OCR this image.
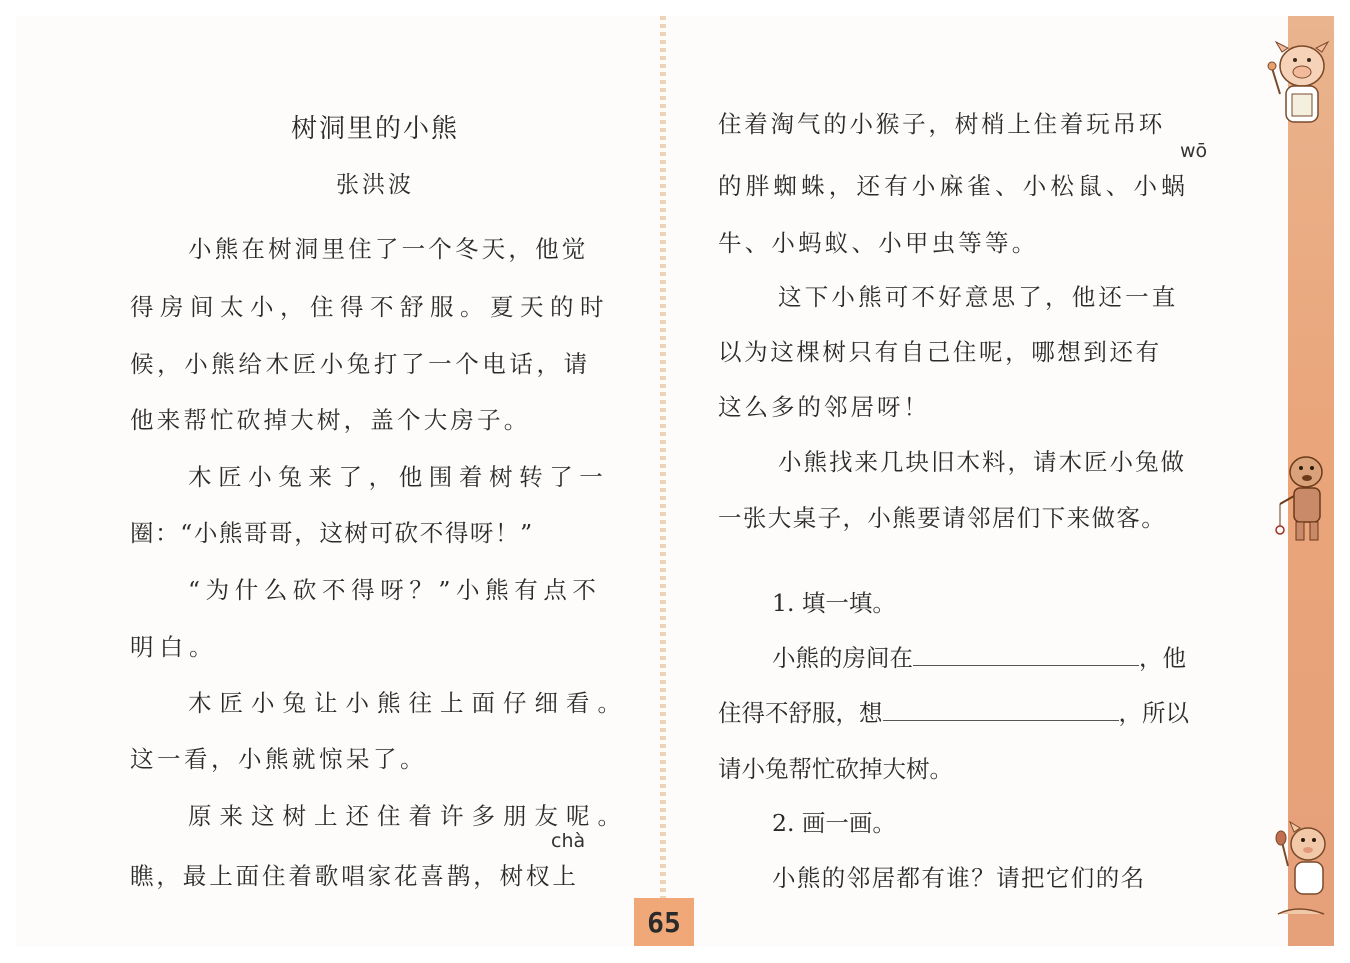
树洞里的小熊
张洪波
小熊在树洞里住了一个冬天，他觉
得房间太小，住得不舒服。夏天的时
候，小熊给木匠小兔打了一个电话，请
他来帮忙砍掉大树，盖个大房子。
木匠小兔来了，他围着树转了一
圈：“小熊哥哥，这树可砍不得呀！”
“为什么砍不得呀？”小熊有点不
明白。
木匠小兔让小熊往上面仔细看。
这一看，小熊就惊呆了。
原来这树上还住着许多朋友呢。
chà
瞧，最上面住着歌唱家花喜鹊，树杈上
住着淘气的小猴子，树梢上住着玩吊环
wō
的胖蜘蛛，还有小麻雀、小松鼠、小蜗
牛、小蚂蚁、小甲虫等等。
这下小熊可不好意思了，他还一直
以为这棵树只有自己住呢，哪想到还有
这么多的邻居呀！
小熊找来几块旧木料，请木匠小兔做
一张大桌子，小熊要请邻居们下来做客。
1. 填一填。
小熊的房间在	，他
住得不舒服，想	，所以
请小兔帮忙砍掉大树。
2. 画一画。
小熊的邻居都有谁？请把它们的名
65
